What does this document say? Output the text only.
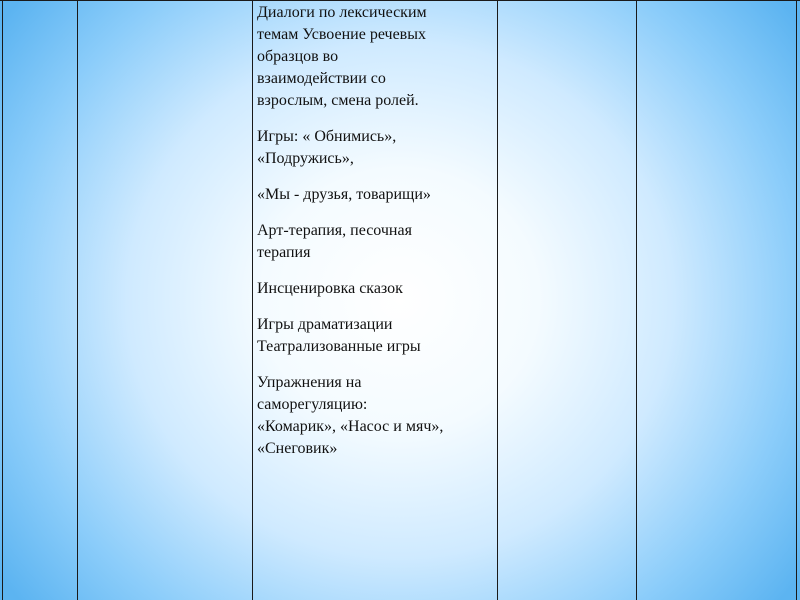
Диалоги по лексическим
темам Усвоение речевых
образцов во
взаимодействии со
взрослым, смена ролей.
Игры: « Обнимись»,
«Подружись»,
«Мы - друзья, товарищи»
Арт-терапия, песочная
терапия
Инсценировка сказок
Игры драматизации
Театрализованные игры
Упражнения на
саморегуляцию:
«Комарик», «Насос и мяч»,
«Снеговик»
